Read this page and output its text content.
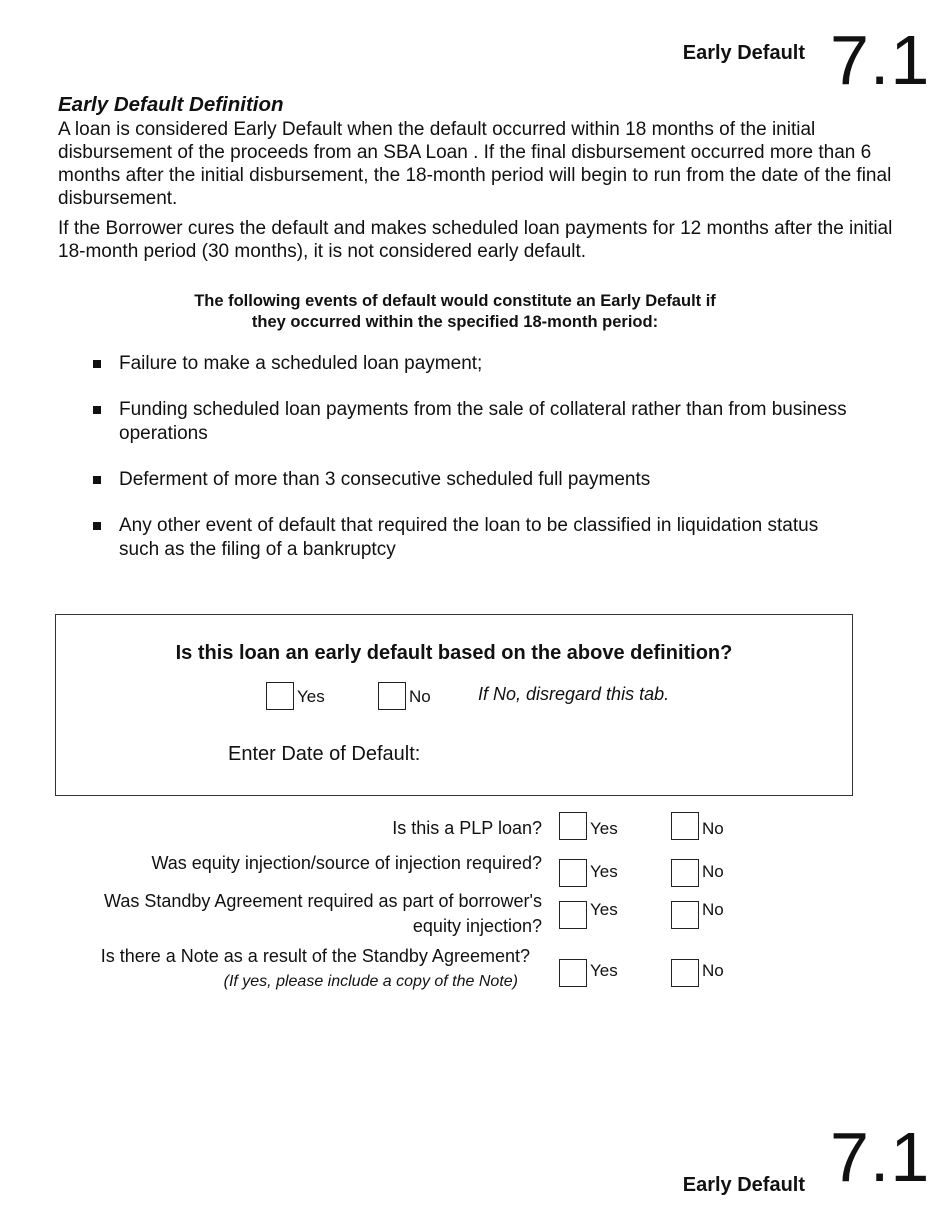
Early Default 7.1
Early Default Definition

A loan is considered Early Default when the default occurred within 18 months of the initial disbursement of the proceeds from an SBA Loan . If the final disbursement occurred more than 6 months after the initial disbursement, the 18-month period will begin to run from the date of the final disbursement.

If the Borrower cures the default and makes scheduled loan payments for 12 months after the initial 18-month period (30 months), it is not considered early default.

The following events of default would constitute an Early Default if
they occurred within the specified 18-month period:
Failure to make a scheduled loan payment;
Funding scheduled loan payments from the sale of collateral rather than from business operations
Deferment of more than 3 consecutive scheduled full payments
Any other event of default that required the loan to be classified in liquidation status such as the filing of a bankruptcy
Is this loan an early default based on the above definition?
Yes	No	If No, disregard this tab.
Enter Date of Default:
Is this a PLP loan?	Yes	No
Was equity injection/source of injection required?	Yes	No
Was Standby Agreement required as part of borrower's
equity injection?
Yes	No
Is there a Note as a result of the Standby Agreement?
(If yes, please include a copy of the Note)
Yes	No
Early Default 7.1
